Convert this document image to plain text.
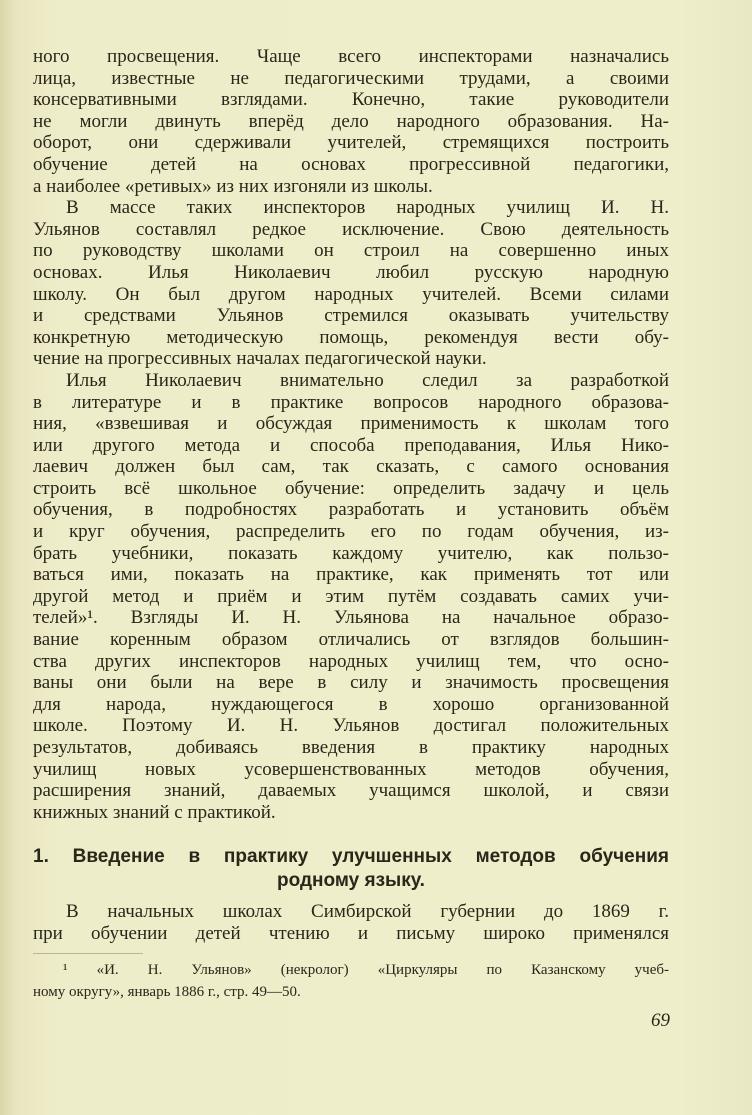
ного просвещения. Чаще всего инспекторами назначались
лица, известные не педагогическими трудами, а своими
консервативными взглядами. Конечно, такие руководители
не могли двинуть вперёд дело народного образования. На-
оборот, они сдерживали учителей, стремящихся построить
обучение детей на основах прогрессивной педагогики,
а наиболее «ретивых» из них изгоняли из школы.
В массе таких инспекторов народных училищ И. Н.
Ульянов составлял редкое исключение. Свою деятельность
по руководству школами он строил на совершенно иных
основах. Илья Николаевич любил русскую народную
школу. Он был другом народных учителей. Всеми силами
и средствами Ульянов стремился оказывать учительству
конкретную методическую помощь, рекомендуя вести обу-
чение на прогрессивных началах педагогической науки.
Илья Николаевич внимательно следил за разработкой
в литературе и в практике вопросов народного образова-
ния, «взвешивая и обсуждая применимость к школам того
или другого метода и способа преподавания, Илья Нико-
лаевич должен был сам, так сказать, с самого основания
строить всё школьное обучение: определить задачу и цель
обучения, в подробностях разработать и установить объём
и круг обучения, распределить его по годам обучения, из-
брать учебники, показать каждому учителю, как пользо-
ваться ими, показать на практике, как применять тот или
другой метод и приём и этим путём создавать самих учи-
телей»¹. Взгляды И. Н. Ульянова на начальное образо-
вание коренным образом отличались от взглядов большин-
ства других инспекторов народных училищ тем, что осно-
ваны они были на вере в силу и значимость просвещения
для народа, нуждающегося в хорошо организованной
школе. Поэтому И. Н. Ульянов достигал положительных
результатов, добиваясь введения в практику народных
училищ новых усовершенствованных методов обучения,
расширения знаний, даваемых учащимся школой, и связи
книжных знаний с практикой.
1. Введение в практику улучшенных методов обучения
родному языку.
В начальных школах Симбирской губернии до 1869 г.
при обучении детей чтению и письму широко применялся
¹ «И. Н. Ульянов» (некролог) «Циркуляры по Казанскому учеб-
ному округу», январь 1886 г., стр. 49—50.
69
